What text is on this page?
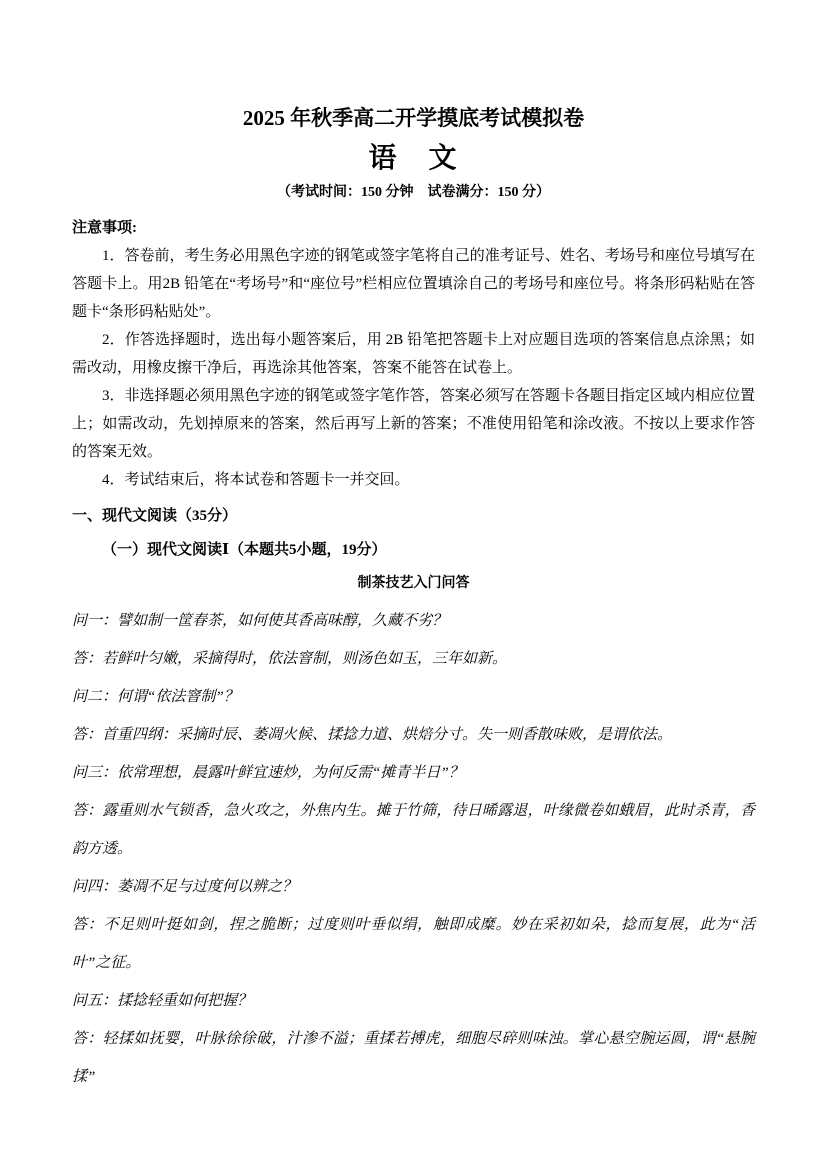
2025 年秋季高二开学摸底考试模拟卷
语　文
（考试时间：150 分钟　试卷满分：150 分）
注意事项:

1．答卷前，考生务必用黑色字迹的钢笔或签字笔将自己的准考证号、姓名、考场号和座位号填写在答题卡上。用2B 铅笔在“考场号”和“座位号”栏相应位置填涂自己的考场号和座位号。将条形码粘贴在答题卡“条形码粘贴处”。

2．作答选择题时，选出每小题答案后，用 2B 铅笔把答题卡上对应题目选项的答案信息点涂黑；如需改动，用橡皮擦干净后，再选涂其他答案，答案不能答在试卷上。

3．非选择题必须用黑色字迹的钢笔或签字笔作答，答案必须写在答题卡各题目指定区域内相应位置上；如需改动，先划掉原来的答案，然后再写上新的答案；不准使用铅笔和涂改液。不按以上要求作答的答案无效。

4．考试结束后，将本试卷和答题卡一并交回。

一、现代文阅读（35分）
（一）现代文阅读Ⅰ（本题共5小题，19分）
制茶技艺入门问答

问一：譬如制一筐春茶，如何使其香高味醇，久藏不劣？

答：若鲜叶匀嫩，采摘得时，依法窨制，则汤色如玉，三年如新。

问二：何谓“依法窨制”？

答：首重四纲：采摘时辰、萎凋火候、揉捻力道、烘焙分寸。失一则香散味败，是谓依法。

问三：依常理想，晨露叶鲜宜速炒，为何反需“摊青半日”？

答：露重则水气锁香，急火攻之，外焦内生。摊于竹筛，待日晞露退，叶缘微卷如蛾眉，此时杀青，香韵方透。

问四：萎凋不足与过度何以辨之？

答：不足则叶挺如剑，捏之脆断；过度则叶垂似绢，触即成糜。妙在采初如朵，捻而复展，此为“活叶”之征。

问五：揉捻轻重如何把握？

答：轻揉如抚婴，叶脉徐徐破，汁渗不溢；重揉若搏虎，细胞尽碎则味浊。掌心悬空腕运圆，谓“悬腕揉”
